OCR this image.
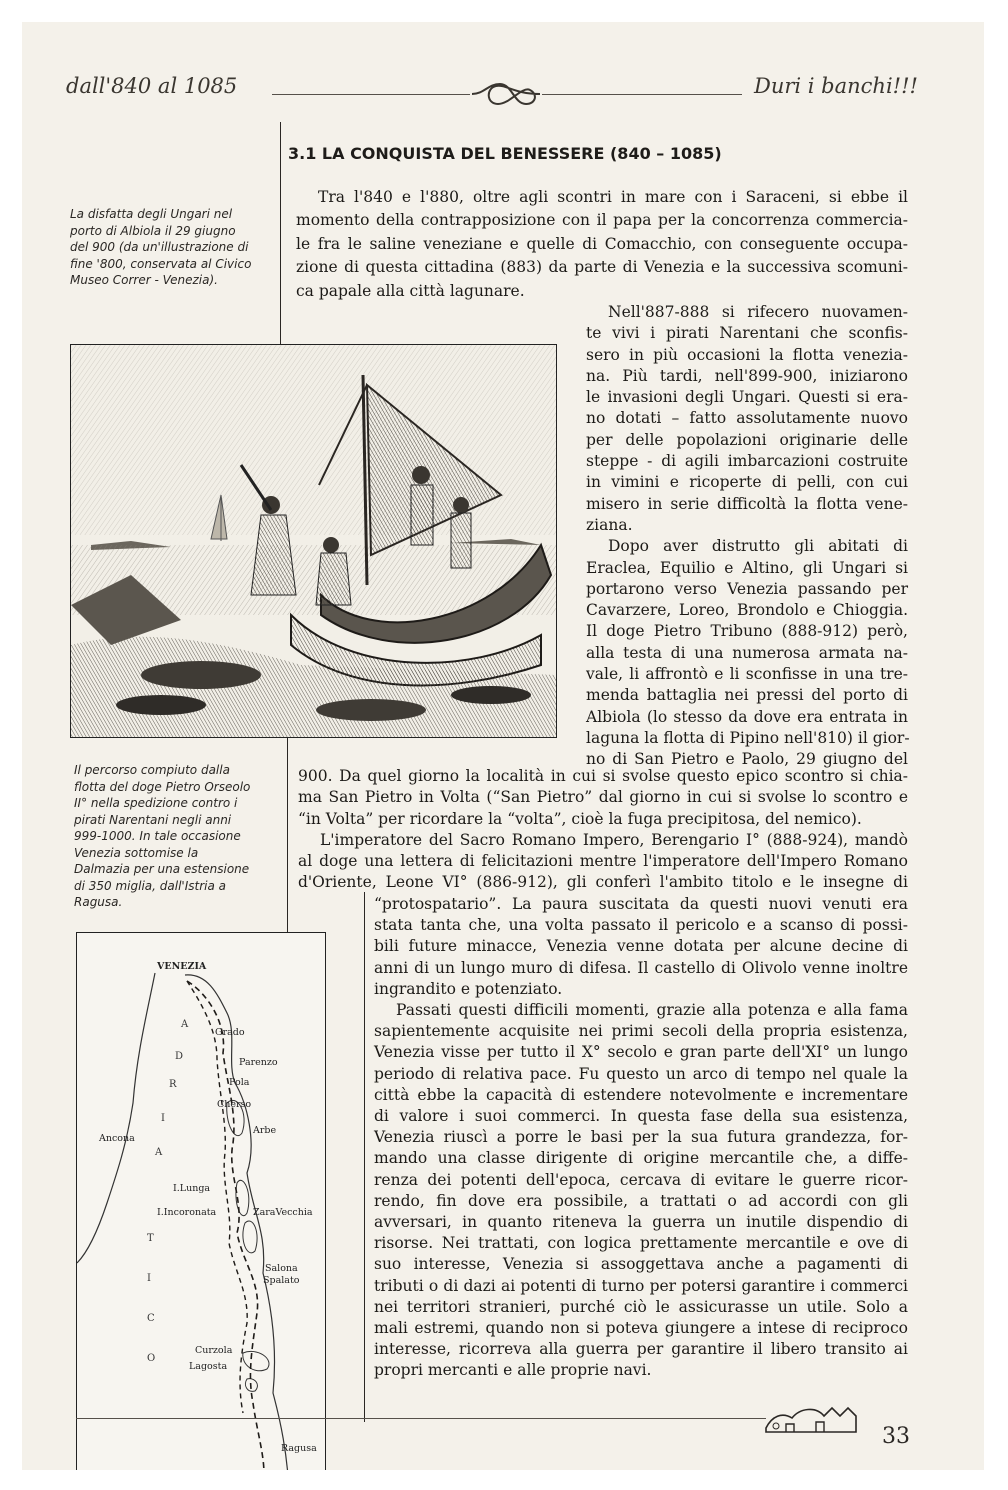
dall'840 al 1085	Duri i banchi!!!
3.1 LA CONQUISTA DEL BENESSERE (840 – 1085)
La disfatta degli Ungari nel
porto di Albiola il 29 giugno
del 900 (da un'illustrazione di
fine '800, conservata al Civico
Museo Correr - Venezia).
Tra l'840 e l'880, oltre agli scontri in mare con i Saraceni, si ebbe il
momento della contrapposizione con il papa per la concorrenza commercia-
le fra le saline veneziane e quelle di Comacchio, con conseguente occupa-
zione di questa cittadina (883) da parte di Venezia e la successiva scomuni-
ca papale alla città lagunare.
Nell'887-888 si rifecero nuovamen-
te vivi i pirati Narentani che sconfis-
sero in più occasioni la flotta venezia-
na. Più tardi, nell'899-900, iniziarono
le invasioni degli Ungari. Questi si era-
no dotati – fatto assolutamente nuovo
per delle popolazioni originarie delle
steppe - di agili imbarcazioni costruite
in vimini e ricoperte di pelli, con cui
misero in serie difficoltà la flotta vene-
ziana.
Dopo aver distrutto gli abitati di
Eraclea, Equilio e Altino, gli Ungari si
portarono verso Venezia passando per
Cavarzere, Loreo, Brondolo e Chioggia.
Il doge Pietro Tribuno (888-912) però,
alla testa di una numerosa armata na-
vale, li affrontò e li sconfisse in una tre-
menda battaglia nei pressi del porto di
Albiola (lo stesso da dove era entrata in
laguna la flotta di Pipino nell'810) il gior-
no di San Pietro e Paolo, 29 giugno del
Il percorso compiuto dalla
flotta del doge Pietro Orseolo
II° nella spedizione contro i
pirati Narentani negli anni
999-1000. In tale occasione
Venezia sottomise la
Dalmazia per una estensione
di 350 miglia, dall'Istria a
Ragusa.
900. Da quel giorno la località in cui si svolse questo epico scontro si chia-
ma San Pietro in Volta (“San Pietro” dal giorno in cui si svolse lo scontro e
“in Volta” per ricordare la “volta”, cioè la fuga precipitosa, del nemico).
L'imperatore del Sacro Romano Impero, Berengario I° (888-924), mandò
al doge una lettera di felicitazioni mentre l'imperatore dell'Impero Romano
d'Oriente, Leone VI° (886-912), gli conferì l'ambito titolo e le insegne di
VENEZIA
Grado
Parenzo
Pola
Cherso
Arbe
Ancona
I.Lunga
I.Incoronata	ZaraVecchia
Salona
Spalato
Curzola
Lagosta
Ragusa
A
D
R
I
A
T
I
C
O
“protospatario”. La paura suscitata da questi nuovi venuti era
stata tanta che, una volta passato il pericolo e a scanso di possi-
bili future minacce, Venezia venne dotata per alcune decine di
anni di un lungo muro di difesa. Il castello di Olivolo venne inoltre
ingrandito e potenziato.
Passati questi difficili momenti, grazie alla potenza e alla fama
sapientemente acquisite nei primi secoli della propria esistenza,
Venezia visse per tutto il X° secolo e gran parte dell'XI° un lungo
periodo di relativa pace. Fu questo un arco di tempo nel quale la
città ebbe la capacità di estendere notevolmente e incrementare
di valore i suoi commerci. In questa fase della sua esistenza,
Venezia riuscì a porre le basi per la sua futura grandezza, for-
mando una classe dirigente di origine mercantile che, a diffe-
renza dei potenti dell'epoca, cercava di evitare le guerre ricor-
rendo, fin dove era possibile, a trattati o ad accordi con gli
avversari, in quanto riteneva la guerra un inutile dispendio di
risorse. Nei trattati, con logica prettamente mercantile e ove di
suo interesse, Venezia si assoggettava anche a pagamenti di
tributi o di dazi ai potenti di turno per potersi garantire i commerci
nei territori stranieri, purché ciò le assicurasse un utile. Solo a
mali estremi, quando non si poteva giungere a intese di reciproco
interesse, ricorreva alla guerra per garantire il libero transito ai
propri mercanti e alle proprie navi.
33
